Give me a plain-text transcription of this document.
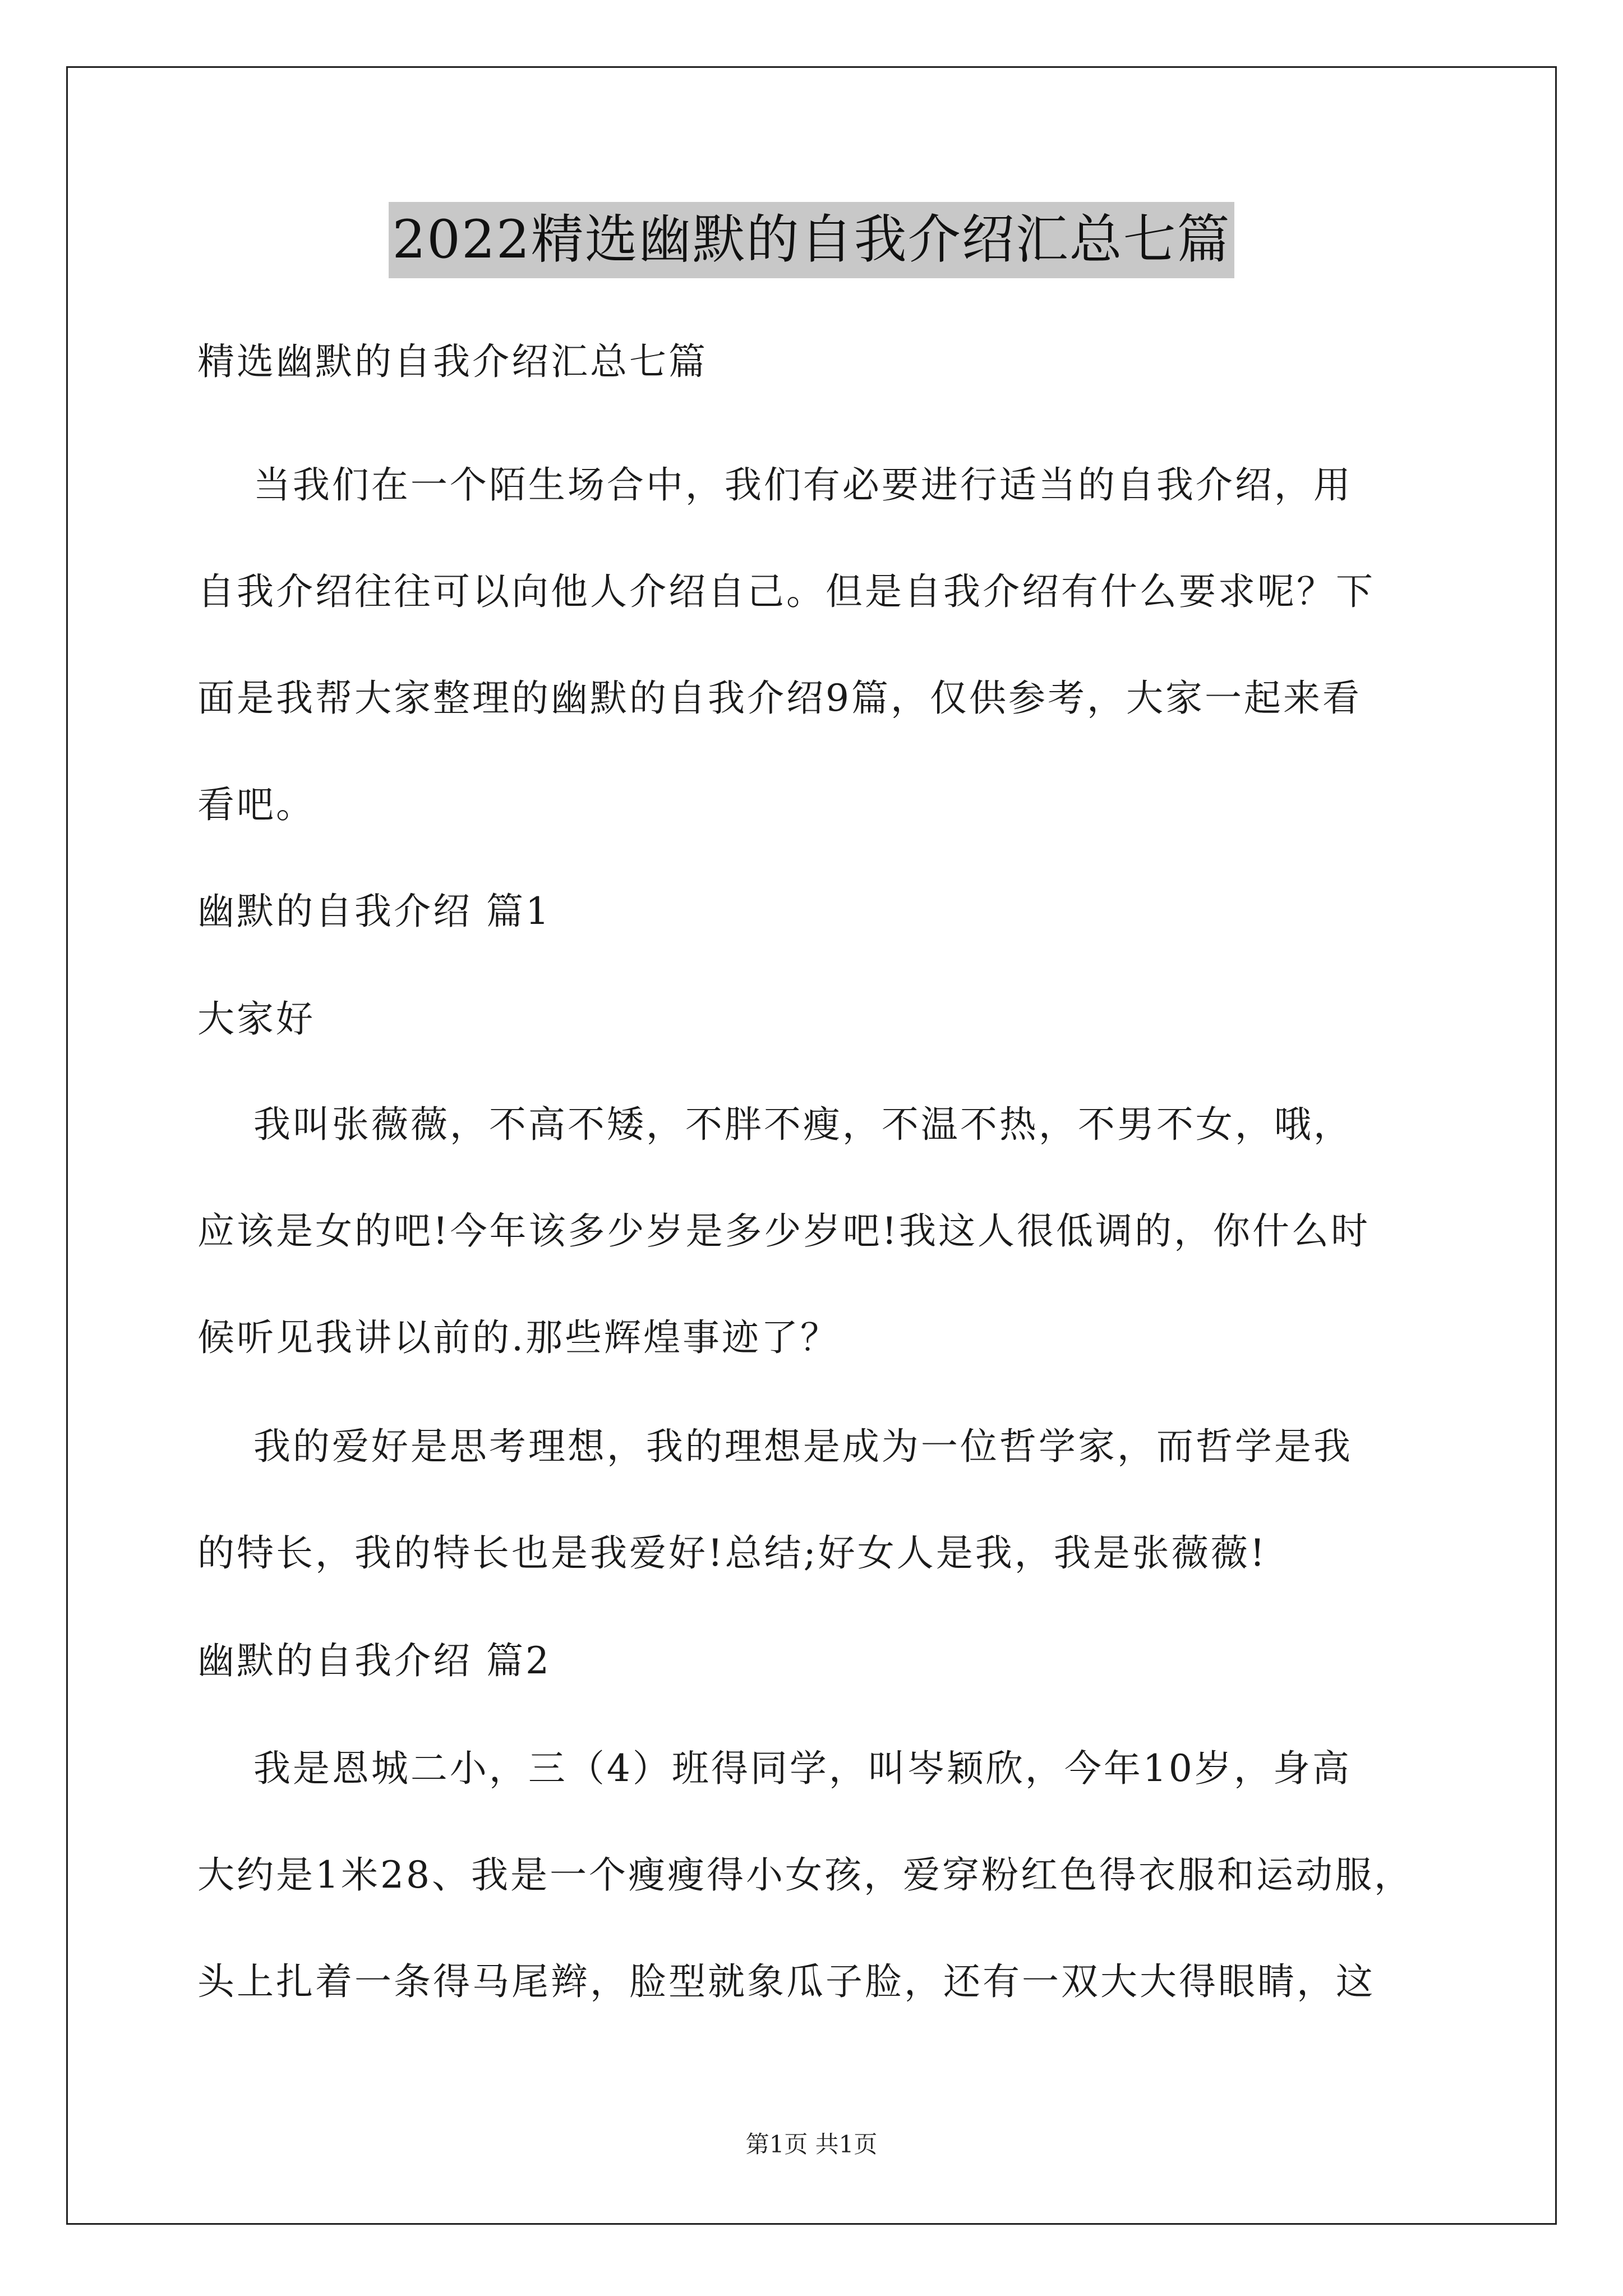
2022精选幽默的自我介绍汇总七篇

精选幽默的自我介绍汇总七篇

当我们在一个陌生场合中，我们有必要进行适当的自我介绍，用
自我介绍往往可以向他人介绍自己。但是自我介绍有什么要求呢？下
面是我帮大家整理的幽默的自我介绍9篇，仅供参考，大家一起来看
看吧。

幽默的自我介绍 篇1

大家好

我叫张薇薇，不高不矮，不胖不瘦，不温不热，不男不女，哦，
应该是女的吧!今年该多少岁是多少岁吧!我这人很低调的，你什么时
候听见我讲以前的.那些辉煌事迹了？

我的爱好是思考理想，我的理想是成为一位哲学家，而哲学是我
的特长，我的特长也是我爱好!总结;好女人是我，我是张薇薇!

幽默的自我介绍 篇2

我是恩城二小，三（4）班得同学，叫岑颖欣，今年10岁，身高
大约是1米28、我是一个瘦瘦得小女孩，爱穿粉红色得衣服和运动服，
头上扎着一条得马尾辫，脸型就象瓜子脸，还有一双大大得眼睛，这

第1页 共1页
